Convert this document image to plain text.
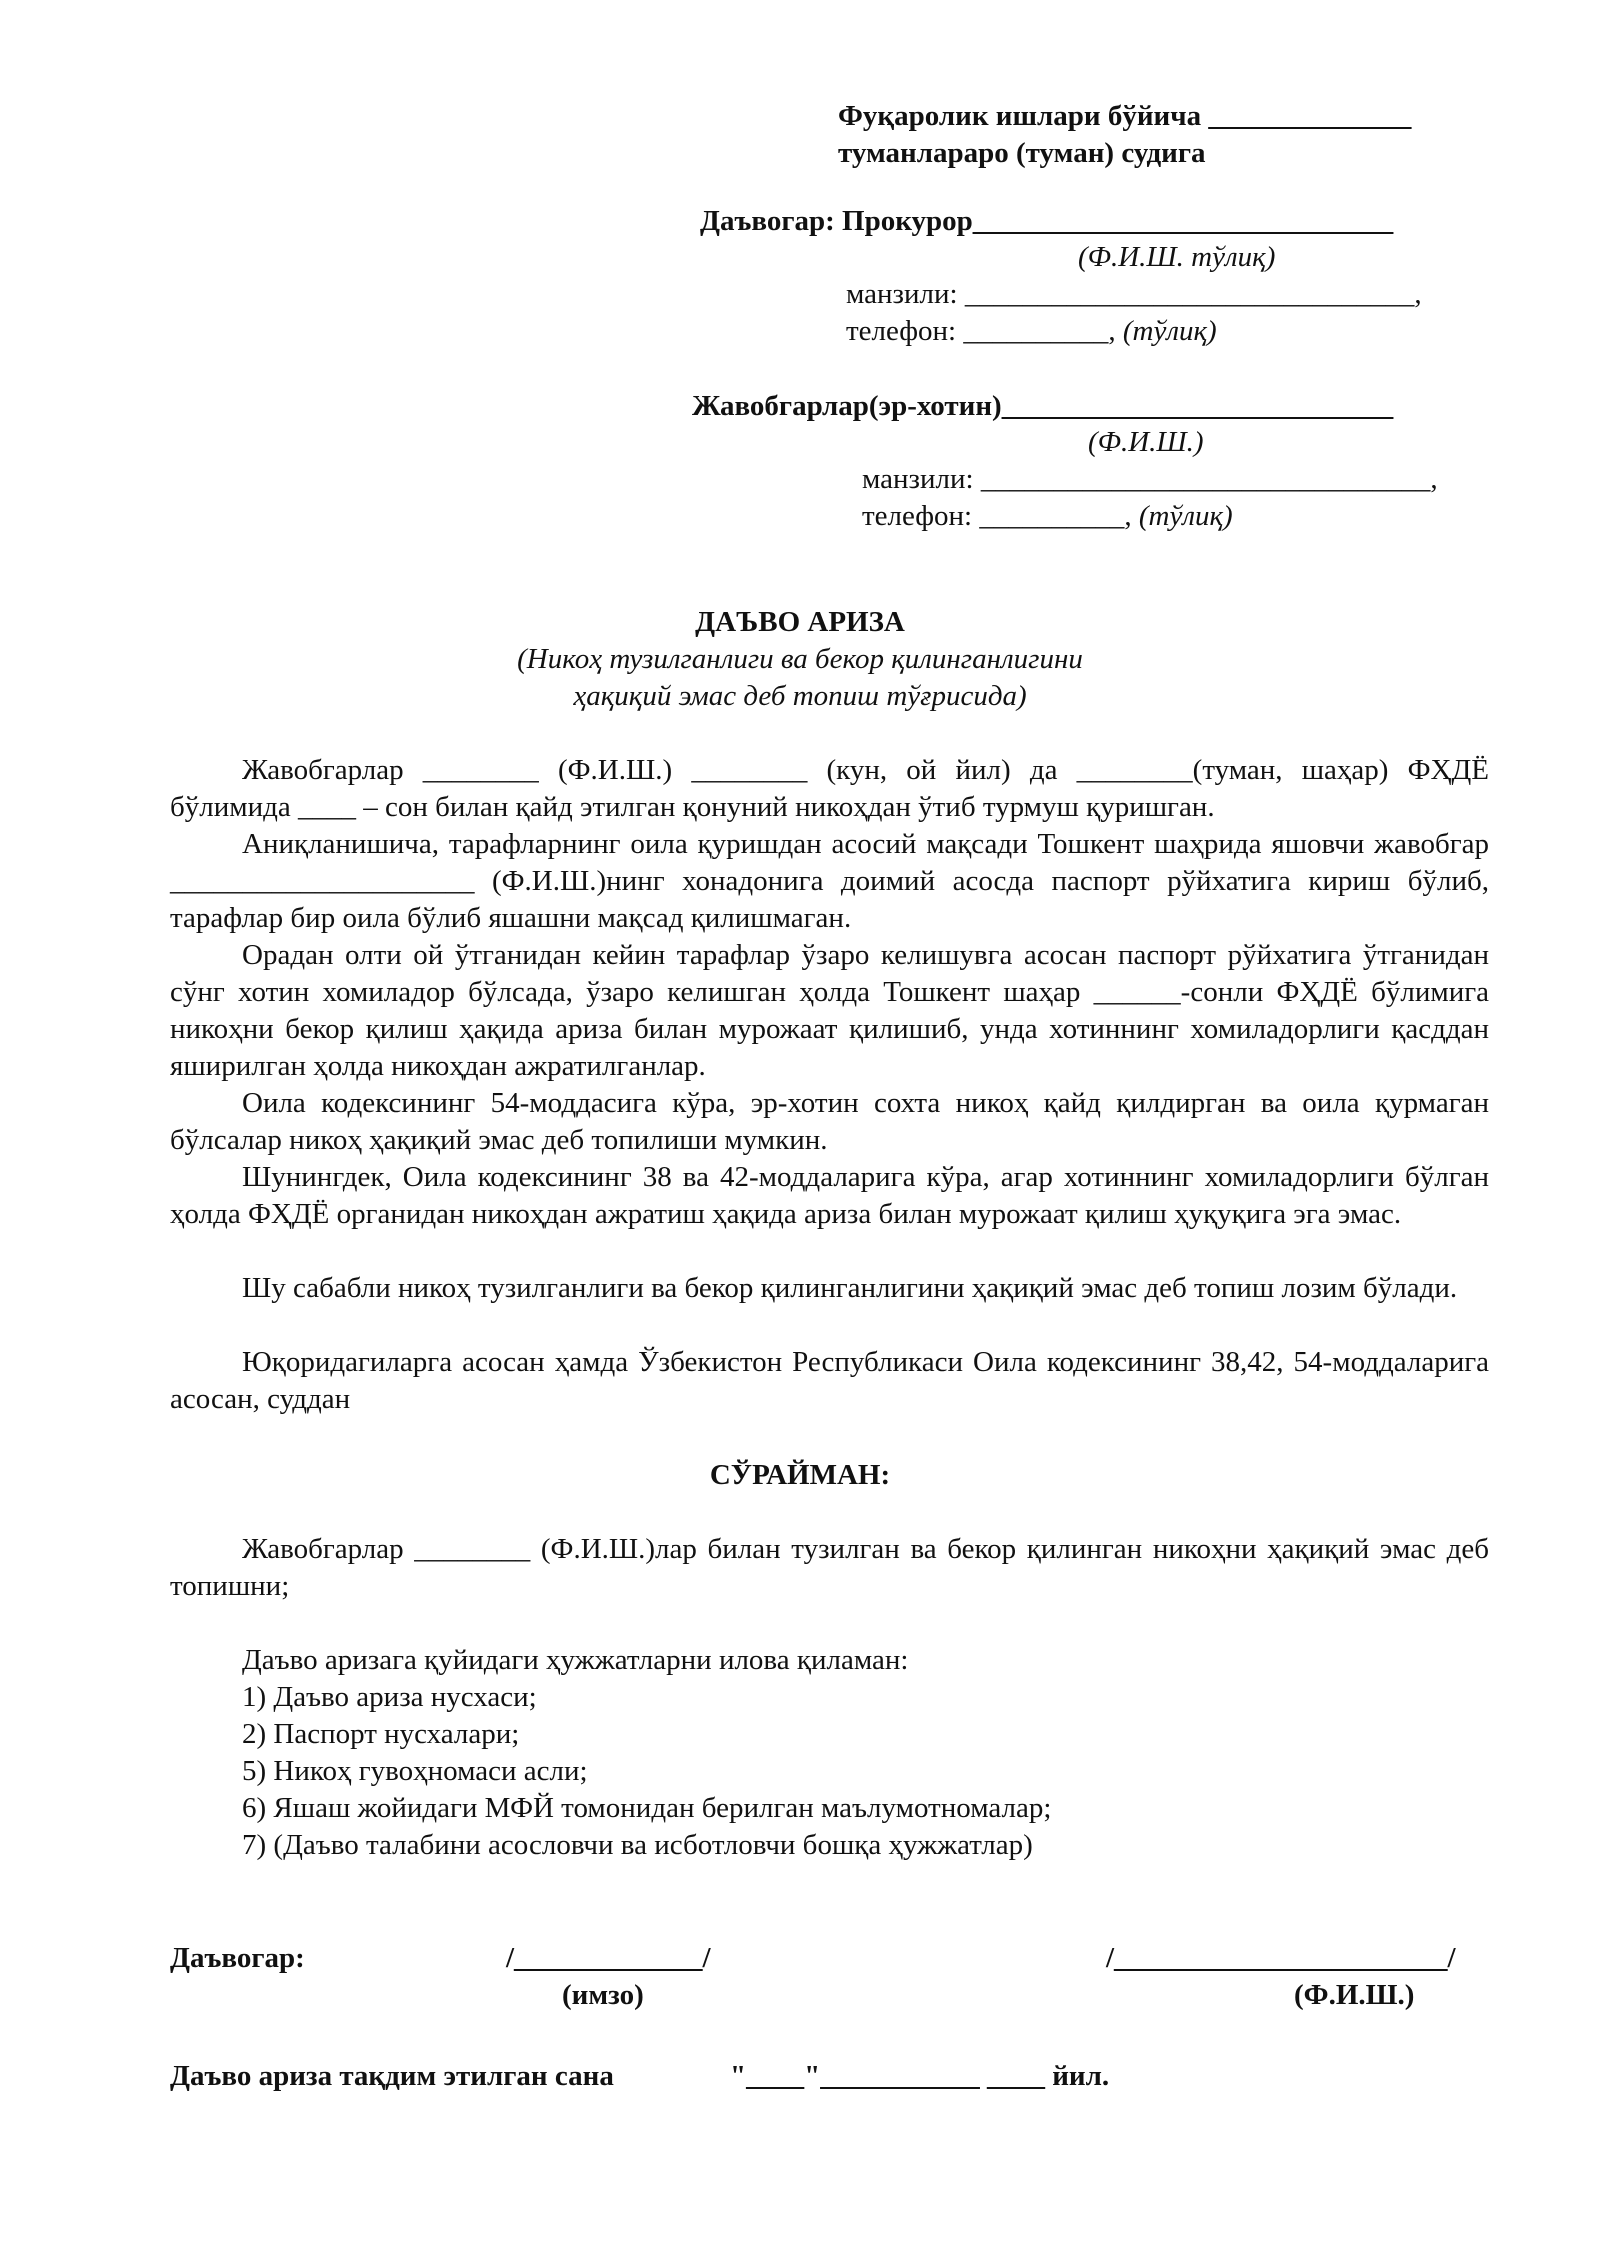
Фуқаролик ишлари бўйича ______________
туманлараро (туман) судига
Даъвогар: Прокурор_____________________________
(Ф.И.Ш. тўлиқ)
манзили: _______________________________,
телефон: __________, (тўлиқ)
Жавобгарлар(эр-хотин)___________________________
(Ф.И.Ш.)
манзили: _______________________________,
телефон: __________, (тўлиқ)
ДАЪВО АРИЗА
(Никоҳ тузилганлиги ва бекор қилинганлигини
ҳақиқий эмас деб топиш тўғрисида)

Жавобгарлар ________ (Ф.И.Ш.) ________ (кун, ой йил) да ________(туман, шаҳар) ФҲДЁ бўлимида ____ – сон билан қайд этилган қонуний никоҳдан ўтиб турмуш қуришган.

Аниқланишича, тарафларнинг оила қуришдан асосий мақсади Тошкент шаҳрида яшовчи жавобгар _____________________ (Ф.И.Ш.)нинг хонадонига доимий асосда паспорт рўйхатига кириш бўлиб, тарафлар бир оила бўлиб яшашни мақсад қилишмаган.

Орадан олти ой ўтганидан кейин тарафлар ўзаро келишувга асосан паспорт рўйхатига ўтганидан сўнг хотин хомиладор бўлсада, ўзаро келишган ҳолда Тошкент шаҳар ______-сонли ФҲДЁ бўлимига никоҳни бекор қилиш ҳақида ариза билан мурожаат қилишиб, унда хотиннинг хомиладорлиги қасддан яширилган ҳолда никоҳдан ажратилганлар.

Оила кодексининг 54-моддасига кўра, эр-хотин сохта никоҳ қайд қилдирган ва оила қурмаган бўлсалар никоҳ ҳақиқий эмас деб топилиши мумкин.

Шунингдек, Оила кодексининг 38 ва 42-моддаларига кўра, агар хотиннинг хомиладорлиги бўлган ҳолда ФҲДЁ органидан никоҳдан ажратиш ҳақида ариза билан мурожаат қилиш ҳуқуқига эга эмас.

Шу сабабли никоҳ тузилганлиги ва бекор қилинганлигини ҳақиқий эмас деб топиш лозим бўлади.

Юқоридагиларга асосан ҳамда Ўзбекистон Республикаси Оила кодексининг 38,42, 54-моддаларига асосан, суддан

СЎРАЙМАН:

Жавобгарлар ________ (Ф.И.Ш.)лар билан тузилган ва бекор қилинган никоҳни ҳақиқий эмас деб топишни;

Даъво аризага қуйидаги ҳужжатларни илова қиламан:
1) Даъво ариза нусхаси;
2) Паспорт нусхалари;
5) Никоҳ гувоҳномаси асли;
6) Яшаш жойидаги МФЙ томонидан берилган маълумотномалар;
7) (Даъво талабини асословчи ва исботловчи бошқа ҳужжатлар)
Даъвогар:	/_____________/
(имзо)
/_______________________/
(Ф.И.Ш.)
Даъво ариза тақдим этилган сана	"____"___________ ____ йил.
